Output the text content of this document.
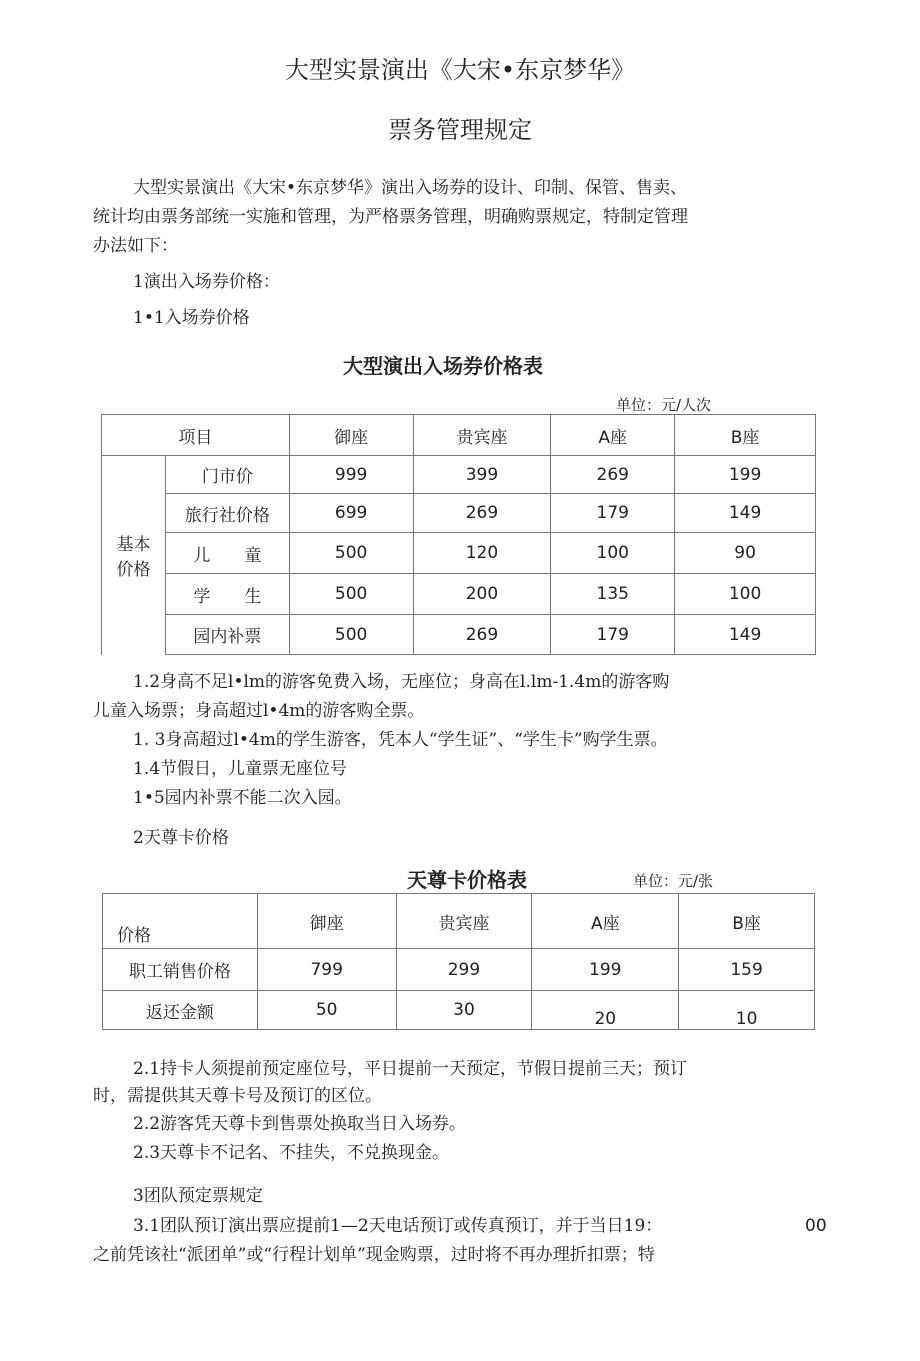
大型实景演出《大宋•东京梦华》
票务管理规定
大型实景演出《大宋•东京梦华》演出入场券的设计、印制、保管、售卖、
统计均由票务部统一实施和管理，为严格票务管理，明确购票规定，特制定管理
办法如下：
1演出入场券价格：
1•1入场券价格
大型演出入场券价格表
单位：元/人次
项目		御座	贵宾座	A座	B座
基本
价格	门市价	999	399	269	199
	旅行社价格	699	269	179	149
	儿　　童	500	120	100	90
	学　　生	500	200	135	100
	园内补票	500	269	179	149
1.2身高不足l•lm的游客免费入场，无座位；身高在l.lm-1.4m的游客购
儿童入场票；身高超过l•4m的游客购全票。
1. 3身高超过l•4m的学生游客，凭本人“学生证”、“学生卡”购学生票。
1.4节假日，儿童票无座位号
1•5园内补票不能二次入园。
2天尊卡价格
天尊卡价格表	单位：元/张
价格	御座	贵宾座	A座	B座
职工销售价格	799	299	199	159
返还金额	50	30	20	10
2.1持卡人须提前预定座位号，平日提前一天预定，节假日提前三天；预订
时，需提供其天尊卡号及预订的区位。
2.2游客凭天尊卡到售票处换取当日入场券。
2.3天尊卡不记名、不挂失，不兑换现金。
3团队预定票规定
3.1团队预订演出票应提前1—2天电话预订或传真预订，并于当日19：	00
之前凭该社“派团单”或“行程计划单”现金购票，过时将不再办理折扣票；特
